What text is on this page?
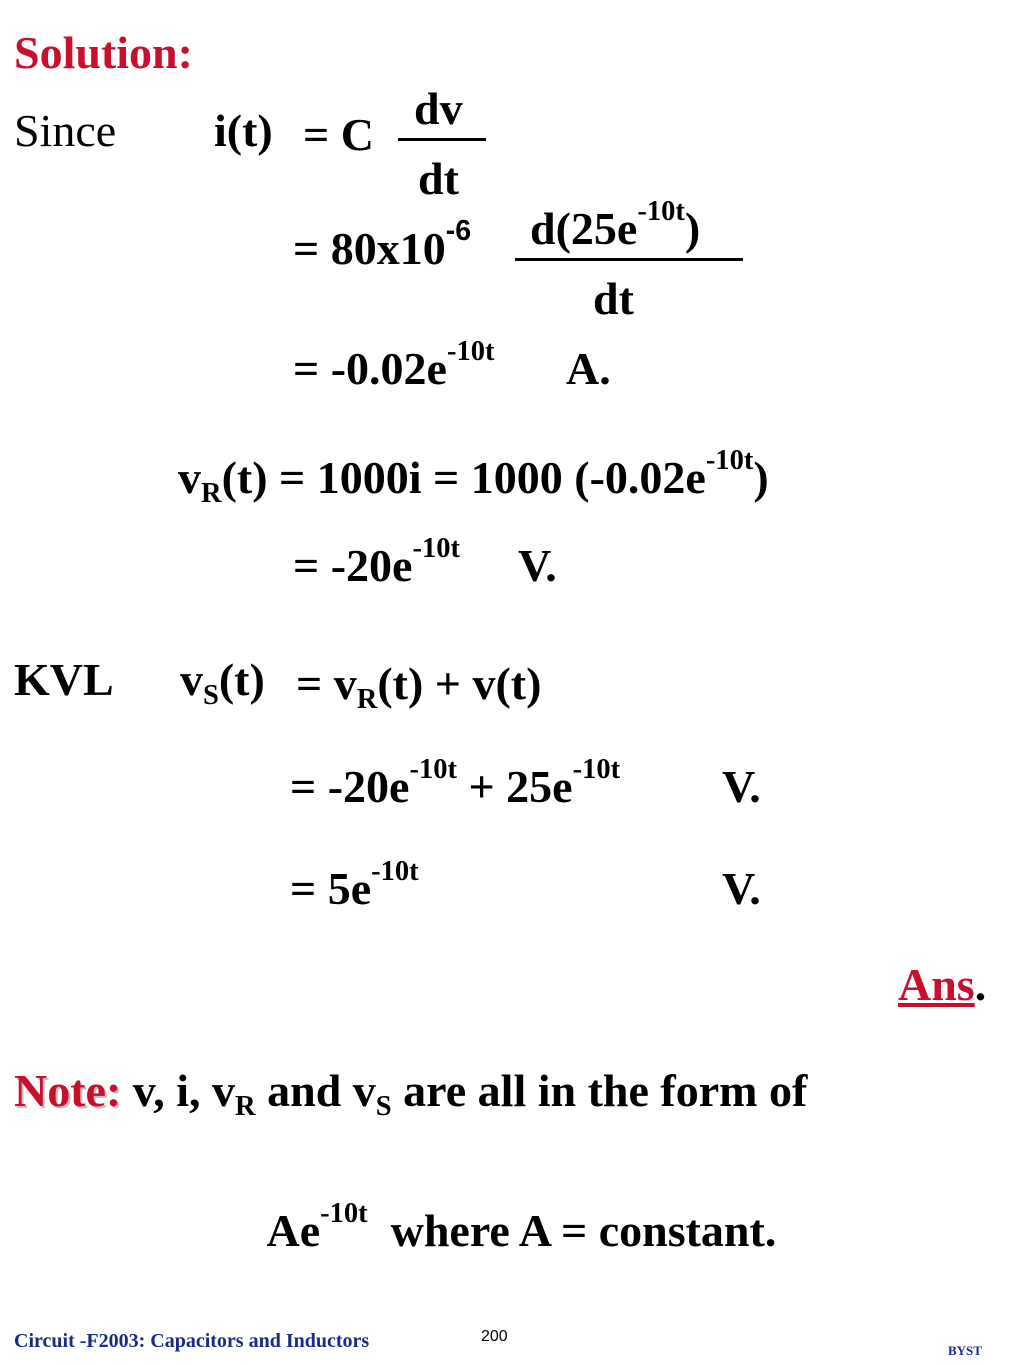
Solution:
Since i(t) = C
dv
dt
= $80x10^{-6}$ $d(25e^{-10t})$
dt
= $-0.02e^{-10t}$ A.
$v_R(t) = 1000i = 1000$ $(-0.02e^{-10t})$
= $-20e^{-10t}$ V.
KVL $v_S(t) = v_R(t) + v(t)$
= $-20e^{-10t} + 25e^{-10t}$ V.
= $5e^{-10t}$	V.
Ans.
Note: v, i, $v_R$ and $v_S$ are all in the form of

$Ae^{-10t}$  where A = constant.

Circuit -F2003: Capacitors and Inductors	200
BYST
